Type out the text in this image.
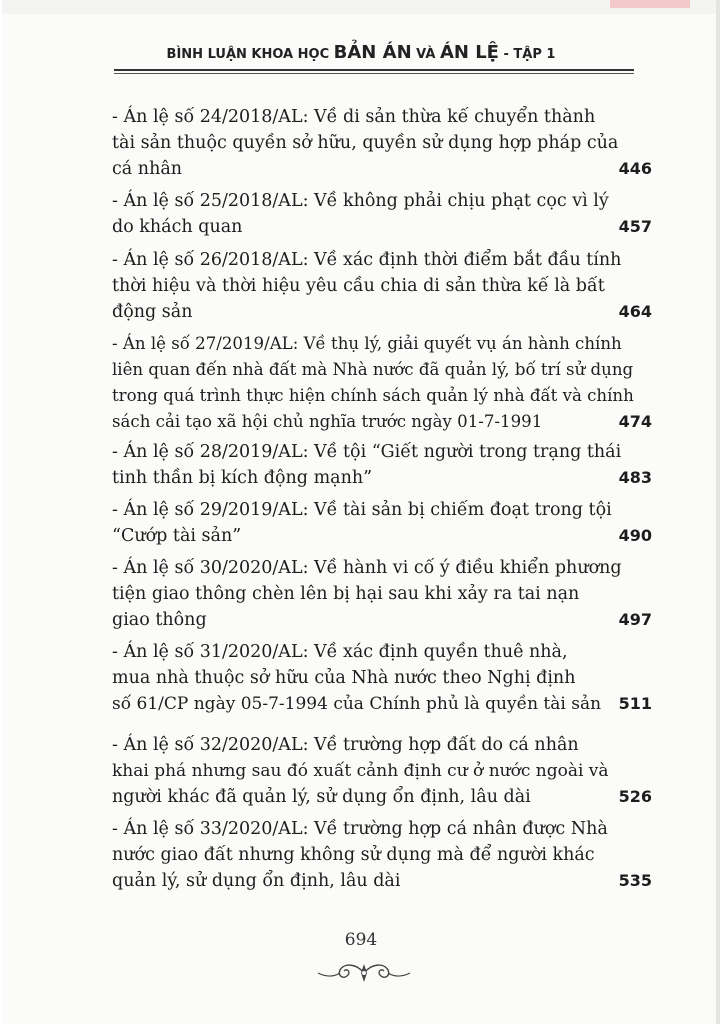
BÌNH LUẬN KHOA HỌC BẢN ÁN VÀ ÁN LỆ - TẬP 1
- Án lệ số 24/2018/AL: Về di sản thừa kế chuyển thành
tài sản thuộc quyền sở hữu, quyền sử dụng hợp pháp của
cá nhân	446
- Án lệ số 25/2018/AL: Về không phải chịu phạt cọc vì lý
do khách quan	457
- Án lệ số 26/2018/AL: Về xác định thời điểm bắt đầu tính
thời hiệu và thời hiệu yêu cầu chia di sản thừa kế là bất
động sản	464
- Án lệ số 27/2019/AL: Về thụ lý, giải quyết vụ án hành chính
liên quan đến nhà đất mà Nhà nước đã quản lý, bố trí sử dụng
trong quá trình thực hiện chính sách quản lý nhà đất và chính
sách cải tạo xã hội chủ nghĩa trước ngày 01-7-1991	474
- Án lệ số 28/2019/AL: Về tội “Giết người trong trạng thái
tinh thần bị kích động mạnh”	483
- Án lệ số 29/2019/AL: Về tài sản bị chiếm đoạt trong tội
“Cướp tài sản”	490
- Án lệ số 30/2020/AL: Về hành vi cố ý điều khiển phương
tiện giao thông chèn lên bị hại sau khi xảy ra tai nạn
giao thông	497
- Án lệ số 31/2020/AL: Về xác định quyền thuê nhà,
mua nhà thuộc sở hữu của Nhà nước theo Nghị định
số 61/CP ngày 05-7-1994 của Chính phủ là quyền tài sản	511
- Án lệ số 32/2020/AL: Về trường hợp đất do cá nhân
khai phá nhưng sau đó xuất cảnh định cư ở nước ngoài và
người khác đã quản lý, sử dụng ổn định, lâu dài	526
- Án lệ số 33/2020/AL: Về trường hợp cá nhân được Nhà
nước giao đất nhưng không sử dụng mà để người khác
quản lý, sử dụng ổn định, lâu dài	535
694
